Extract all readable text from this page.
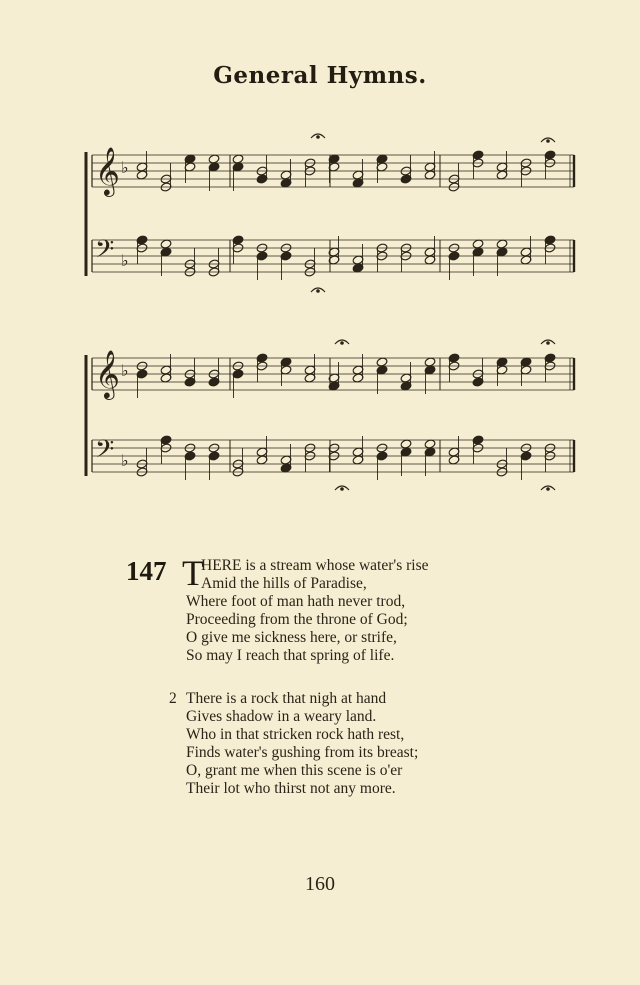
General Hymns.
𝄞 ♭
𝄢 ♭
𝄞 ♭
𝄢 ♭
147 T
HERE is a stream whose water's rise
Amid the hills of Paradise,
Where foot of man hath never trod,
Proceeding from the throne of God;
O give me sickness here, or strife,
So may I reach that spring of life.
2 There is a rock that nigh at hand
Gives shadow in a weary land.
Who in that stricken rock hath rest,
Finds water's gushing from its breast;
O, grant me when this scene is o'er
Their lot who thirst not any more.
160
